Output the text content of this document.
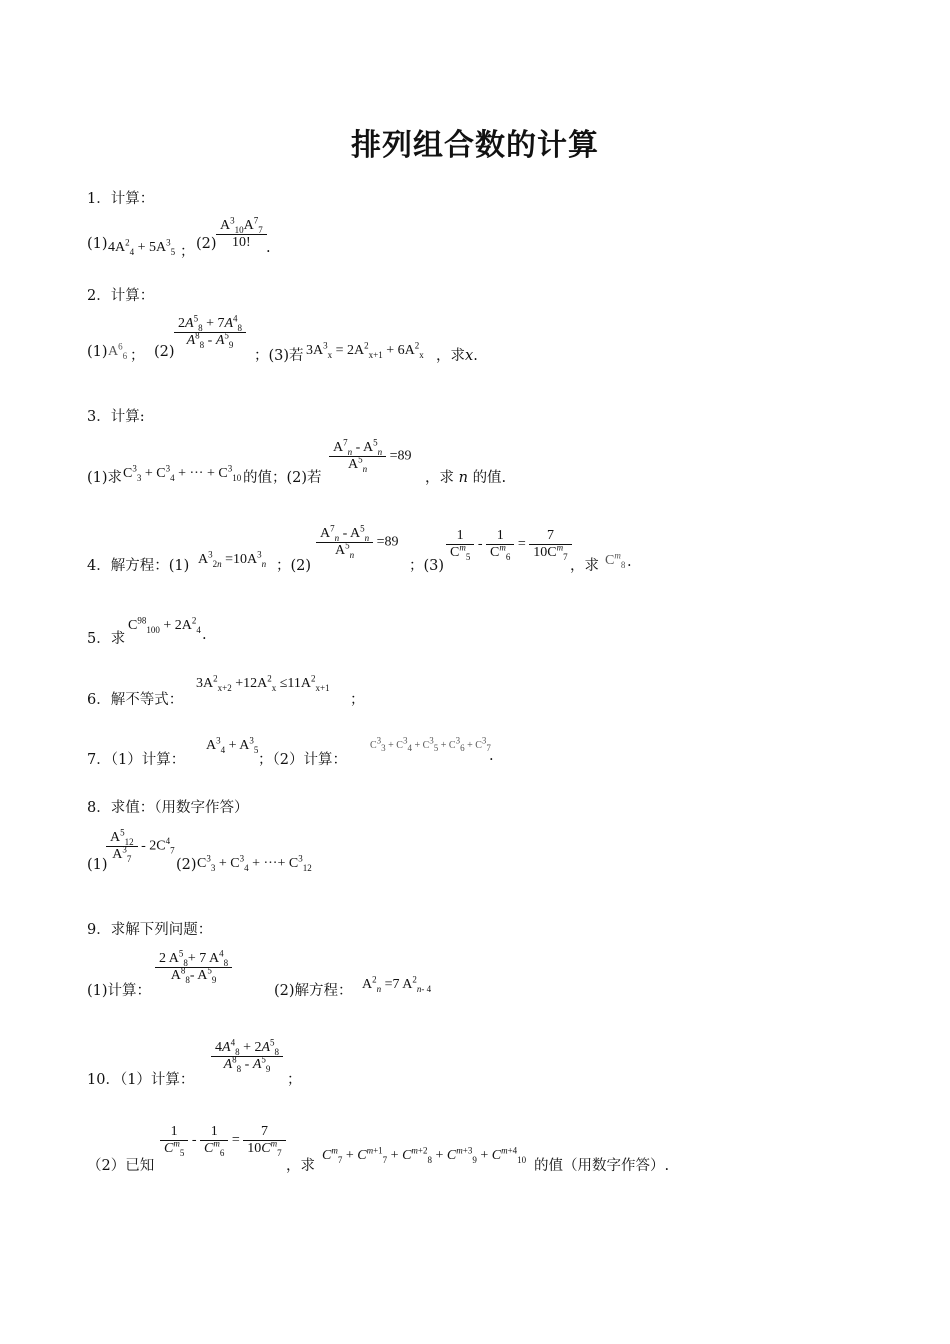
排列组合数的计算
1．计算：
(1) $4A^2_4 + 5A^3_5$ ； $(2) \frac{A^3_{10}A^7_7}{10!}$ .
2．计算：
(1) $A^6_6$ ； (2)
$\frac{2A^5_8 + 7A^4_8}{A^8_8 - A^5_9}$
；(3)若 $3A^3_x = 2A^2_{x+1} + 6A^2_x$ ，求x.
3．计算:
(1)求 $C^3_3 + C^3_4$ + ··· + $C^3_{10}$ 的值；(2)若
$\frac{A^7_n - A^5_n}{A^5_n} =89$
，求 n 的值.
4．解方程：(1) $A^3_{2n} =10A^3_n$ ；(2)
$\frac{A^7_n - A^5_n}{A^5_n} =89$
；(3)
$\frac{1}{C^m_5} - \frac{1}{C^m_6} = \frac{7}{10C^m_7}$
，求 $C^m_8$ .
5．求
$C^{98}_{100} + 2A^2_4$ .
6．解不等式：
$3A^2_{x+2} +12A^2_x \le 11A^2_{x+1}$
；
7．（1）计算：
$A^3_4 + A^3_5$
；（2）计算：
$C^3_3 + C^3_4 + C^3_5 + C^3_6 + C^3_7$
.
8．求值：（用数字作答）
(1)
$\frac{A^5_{12}}{A^3_7} - 2C^4_7$
(2) $C^3_3 + C^3_4$ + ···+ $C^3_{12}$
9．求解下列问题：
(1)计算：
$\frac{2 A^5_8+ 7 A^4_8}{A^8_8- A^5_9}$
(2)解方程： $A^2_n =7$ $A^2_{n- 4}$
10．（1）计算：
$\frac{4A^4_8 + 2A^5_8}{A^8_8 - A^5_9}$
；
（2）已知
$\frac{1}{C^m_5} - \frac{1}{C^m_6} = \frac{7}{10C^m_7}$
，求
$C^m_7 + C^{m+1}_7 + C^{m+2}_8 + C^{m+3}_9 + C^{m+4}_{10}$ 的值（用数字作答）.
